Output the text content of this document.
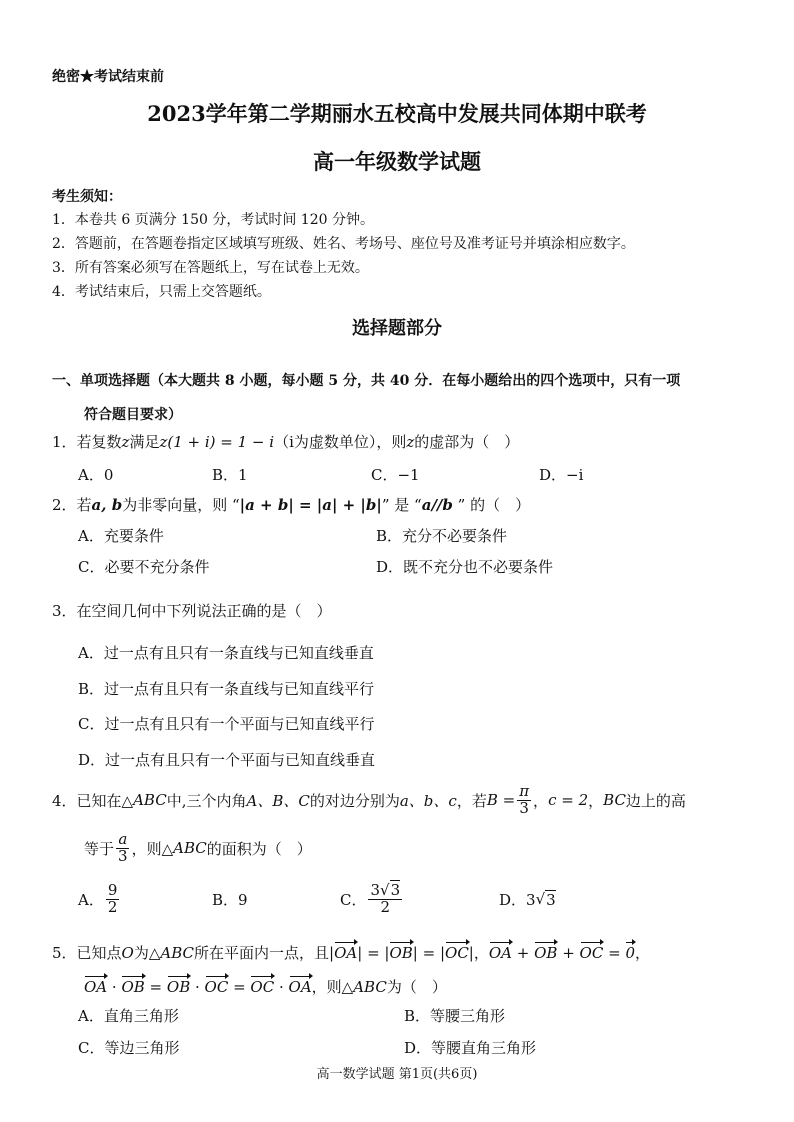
绝密★考试结束前
2023学年第二学期丽水五校高中发展共同体期中联考
高一年级数学试题
考生须知：
1．本卷共 6 页满分 150 分，考试时间 120 分钟。
2．答题前，在答题卷指定区域填写班级、姓名、考场号、座位号及准考证号并填涂相应数字。
3．所有答案必须写在答题纸上，写在试卷上无效。
4．考试结束后，只需上交答题纸。
选择题部分
一、单项选择题（本大题共 8 小题，每小题 5 分，共 40 分．在每小题给出的四个选项中，只有一项
符合题目要求）
1．若复数z满足z(1 + i) = 1 − i（i为虚数单位），则z的虚部为（　）
A．0	B．1	C．−1	D．−i
2．若a, b为非零向量，则 “|a + b| = |a| + |b|” 是 “a//b ” 的（　）
A．充要条件	B．充分不必要条件
C．必要不充分条件	D．既不充分也不必要条件
3．在空间几何中下列说法正确的是（　）
A．过一点有且只有一条直线与已知直线垂直
B．过一点有且只有一条直线与已知直线平行
C．过一点有且只有一个平面与已知直线平行
D．过一点有且只有一个平面与已知直线垂直
4．已知在△ ABC 中,三个内角 A、B、C 的对边分别为 a、b、c ，若 $B = \frac{\pi}{3}$ ， c = 2 ， BC 边上的高
等于 $\frac{a}{3}$ ，则△ ABC 的面积为（　）
A． $\frac{9}{2}$	B．9	C． $\frac{3√3}{2}$	D．3 √ 3
5．已知点O为△ABC所在平面内一点，且|OA| = |OB| = |OC|，OA + OB + OC = 0，
OA · OB = OB · OC = OC · OA，则△ABC为（　）
A．直角三角形	B．等腰三角形
C．等边三角形	D．等腰直角三角形
高一数学试题 第1页(共6页)
